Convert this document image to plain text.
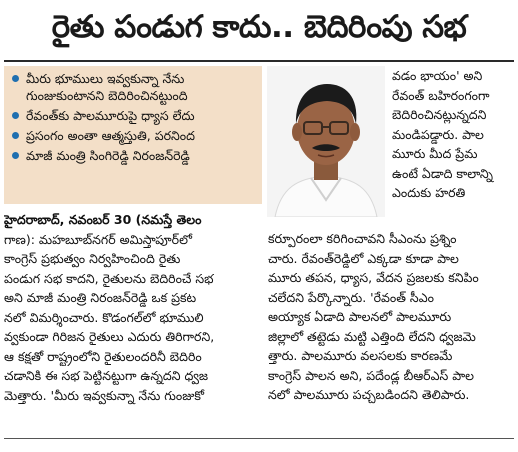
రైతు పండుగ కాదు.. బెదిరింపు సభ
మీరు భూములు ఇవ్వకున్నా నేను
గుంజుకుంటానని బెదిరించినట్టుంది
రేవంత్‌కు పాలమూరుపై ధ్యాస లేదు
ప్రసంగం అంతా ఆత్మస్తుతి, పరనింద
మాజీ మంత్రి సింగిరెడ్డి నిరంజన్‌రెడ్డి
వడం భాయం' అని
రేవంత్ బహిరంగంగా
బెదిరించినట్లున్నదని
మండిపడ్డారు. పాల
మూరు మీద ప్రేమ
ఉంటే ఏడాది కాలాన్ని
ఎందుకు హరతి
హైదరాబాద్, నవంబర్ 30 (నమస్తే తెలం
గాణ): మహబూబ్‌నగర్ అమిస్తాపూర్‌లో
కాంగ్రెస్ ప్రభుత్వం నిర్వహించింది రైతు
పండుగ సభ కాదని, రైతులను బెదిరించే సభ
అని మాజీ మంత్రి నిరంజన్‌రెడ్డి ఒక ప్రకట
నలో విమర్శించారు. కొడంగల్‌లో భూములి
వ్వకుండా గిరిజన రైతులు ఎదురు తిరిగారని,
ఆ కక్షతో రాష్ట్రంలోని రైతులందరినీ బెదిరిం
చడానికి ఈ సభ పెట్టినట్టుగా ఉన్నదని ధ్వజ
మెత్తారు. 'మీరు ఇవ్వకున్నా నేను గుంజుకో
కర్పూరంలా కరిగించావని సీఎంను ప్రశ్నిం
చారు. రేవంత్‌రెడ్డిలో ఎక్కడా కూడా పాల
మూరు తపన, ధ్యాస, వేదన ప్రజలకు కనిపిం
చలేదని పేర్కొన్నారు. 'రేవంత్ సీఎం
అయ్యాక ఏడాది పాలనలో పాలమూరు
జిల్లాలో తట్టెడు మట్టి ఎత్తింది లేదని ధ్వజమె
త్తారు. పాలమూరు వలసలకు కారణమే
కాంగ్రెస్ పాలన అని, పదేండ్ల బీఆర్ఎస్ పాల
నలో పాలమూరు పచ్చబడిందని తెలిపారు.
